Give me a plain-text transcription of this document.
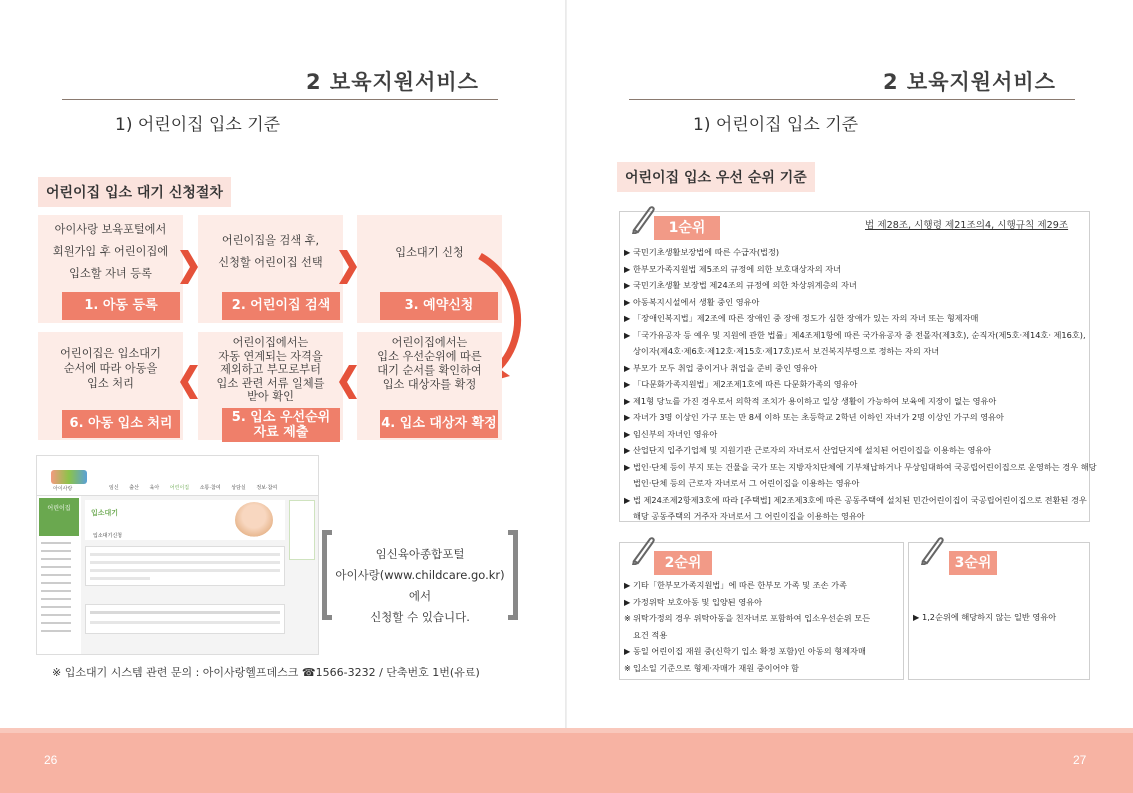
2 보육지원서비스
1) 어린이집 입소 기준
어린이집 입소 대기 신청절차
아이사랑 보육포털에서
회원가입 후 어린이집에
입소할 자녀 등록
1. 아동 등록
어린이집을 검색 후,
신청할 어린이집 선택
2. 어린이집 검색
입소대기 신청
3. 예약신청
어린이집에서는
입소 우선순위에 따른
대기 순서를 확인하여
입소 대상자를 확정
4. 입소 대상자 확정
어린이집에서는
자동 연계되는 자격을
제외하고 부모로부터
입소 관련 서류 일체를
받아 확인
5. 입소 우선순위
자료 제출
어린이집은 입소대기
순서에 따라 아동을
입소 처리
6. 아동 입소 처리
아이사랑	임신 출산 육아 어린이집 소통·참여 상담실 정보·참여
어린이집
입소대기
입소대기신청
임신육아종합포털
아이사랑(www.childcare.go.kr)에서
신청할 수 있습니다.
※ 입소대기 시스템 관련 문의 : 아이사랑헬프데스크 ☎1566-3232 / 단축번호 1번(유료)
2 보육지원서비스
1) 어린이집 입소 기준
어린이집 입소 우선 순위 기준
1순위	법 제28조, 시행령 제21조의4, 시행규칙 제29조
▶ 국민기초생활보장법에 따른 수급자(법정)
▶ 한부모가족지원법 제5조의 규정에 의한 보호대상자의 자녀
▶ 국민기초생활 보장법 제24조의 규정에 의한 차상위계층의 자녀
▶ 아동복지시설에서 생활 중인 영유아
▶ 「장애인복지법」제2조에 따른 장애인 중 장애 정도가 심한 장애가 있는 자의 자녀 또는 형제자매
▶ 「국가유공자 등 예우 및 지원에 관한 법률」제4조제1항에 따른 국가유공자 중 전몰자(제3호), 순직자(제5호·제14호· 제16호),
상이자(제4호·제6호·제12호·제15호·제17호)로서 보건복지부령으로 정하는 자의 자녀
▶ 부모가 모두 취업 중이거나 취업을 준비 중인 영유아
▶ 「다문화가족지원법」제2조제1호에 따른 다문화가족의 영유아
▶ 제1형 당뇨를 가진 경우로서 의학적 조치가 용이하고 일상 생활이 가능하여 보육에 지장이 없는 영유아
▶ 자녀가 3명 이상인 가구 또는 만 8세 이하 또는 초등학교 2학년 이하인 자녀가 2명 이상인 가구의 영유아
▶ 임신부의 자녀인 영유아
▶ 산업단지 입주기업체 및 지원기관 근로자의 자녀로서 산업단지에 설치된 어린이집을 이용하는 영유아
▶ 법인·단체 등이 부지 또는 건물을 국가 또는 지방자치단체에 기부채납하거나 무상임대하여 국공립어린이집으로 운영하는 경우 해당
법인·단체 등의 근로자 자녀로서 그 어린이집을 이용하는 영유아
▶ 법 제24조제2항제3호에 따라 [주택법] 제2조제3호에 따른 공동주택에 설치된 민간어린이집이 국공립어린이집으로 전환된 경우
해당 공동주택의 거주자 자녀로서 그 어린이집을 이용하는 영유아
2순위
▶ 기타「한부모가족지원법」에 따른 한부모 가족 및 조손 가족
▶ 가정위탁 보호아동 및 입양된 영유아
※ 위탁가정의 경우 위탁아동을 친자녀로 포함하여 입소우선순위 모든
요건 적용
▶ 동일 어린이집 재원 중(신학기 입소 확정 포함)인 아동의 형제자매
※ 입소일 기준으로 형제·자매가 재원 중이어야 함
3순위
▶ 1,2순위에 해당하지 않는 일반 영유아
26	27
